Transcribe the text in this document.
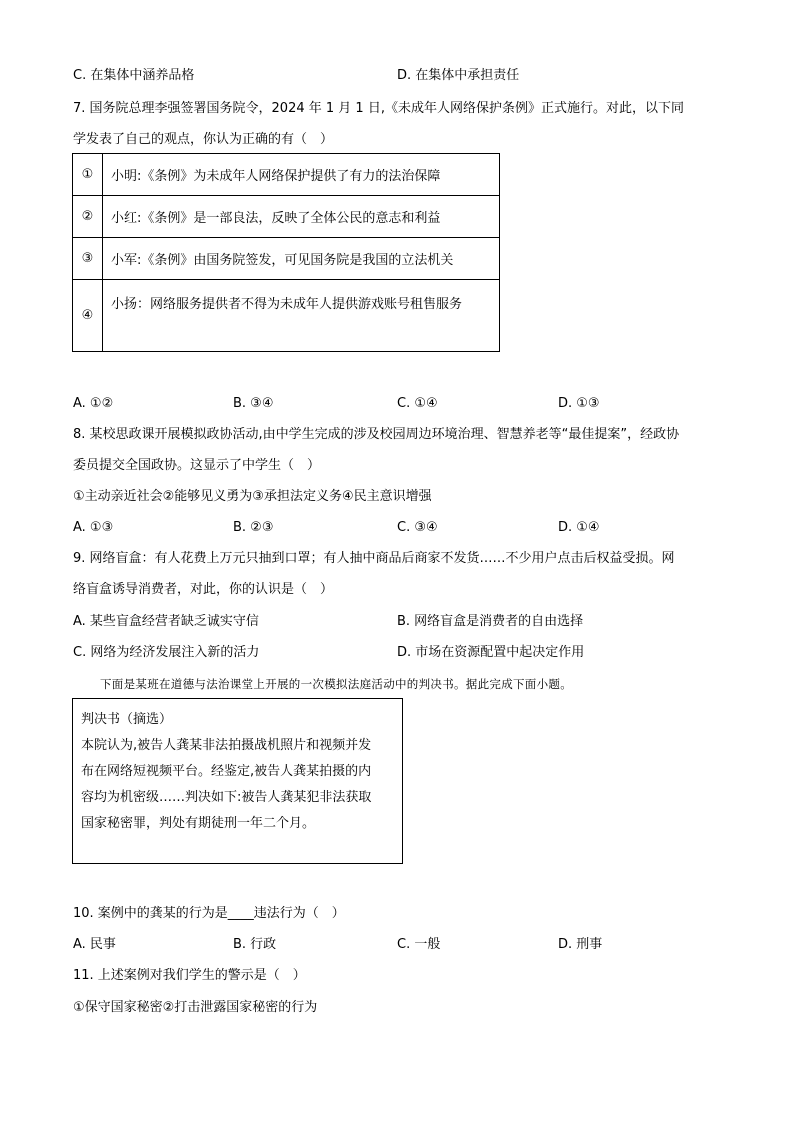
C. 在集体中涵养品格	D. 在集体中承担责任
7. 国务院总理李强签署国务院令，2024 年 1 月 1 日,《未成年人网络保护条例》正式施行。对此，以下同
学发表了自己的观点，你认为正确的有（　）
①	小明:《条例》为未成年人网络保护提供了有力的法治保障
②	小红:《条例》是一部良法，反映了全体公民的意志和利益
③	小军:《条例》由国务院签发，可见国务院是我国的立法机关
④	小扬：网络服务提供者不得为未成年人提供游戏账号租售服务
A. ①②	B. ③④	C. ①④	D. ①③
8. 某校思政课开展模拟政协活动,由中学生完成的涉及校园周边环境治理、智慧养老等“最佳提案”，经政协
委员提交全国政协。这显示了中学生（　）
①主动亲近社会②能够见义勇为③承担法定义务④民主意识增强
A. ①③	B. ②③	C. ③④	D. ①④
9. 网络盲盒：有人花费上万元只抽到口罩；有人抽中商品后商家不发货……不少用户点击后权益受损。网
络盲盒诱导消费者，对此，你的认识是（　）
A. 某些盲盒经营者缺乏诚实守信	B. 网络盲盒是消费者的自由选择
C. 网络为经济发展注入新的活力	D. 市场在资源配置中起决定作用
下面是某班在道德与法治课堂上开展的一次模拟法庭活动中的判决书。据此完成下面小题。
判决书（摘选）
本院认为,被告人龚某非法拍摄战机照片和视频并发
布在网络短视频平台。经鉴定,被告人龚某拍摄的内
容均为机密级……判决如下:被告人龚某犯非法获取
国家秘密罪，判处有期徒刑一年二个月。
10. 案例中的龚某的行为是____违法行为（　）
A. 民事	B. 行政	C. 一般	D. 刑事
11. 上述案例对我们学生的警示是（　）
①保守国家秘密②打击泄露国家秘密的行为
